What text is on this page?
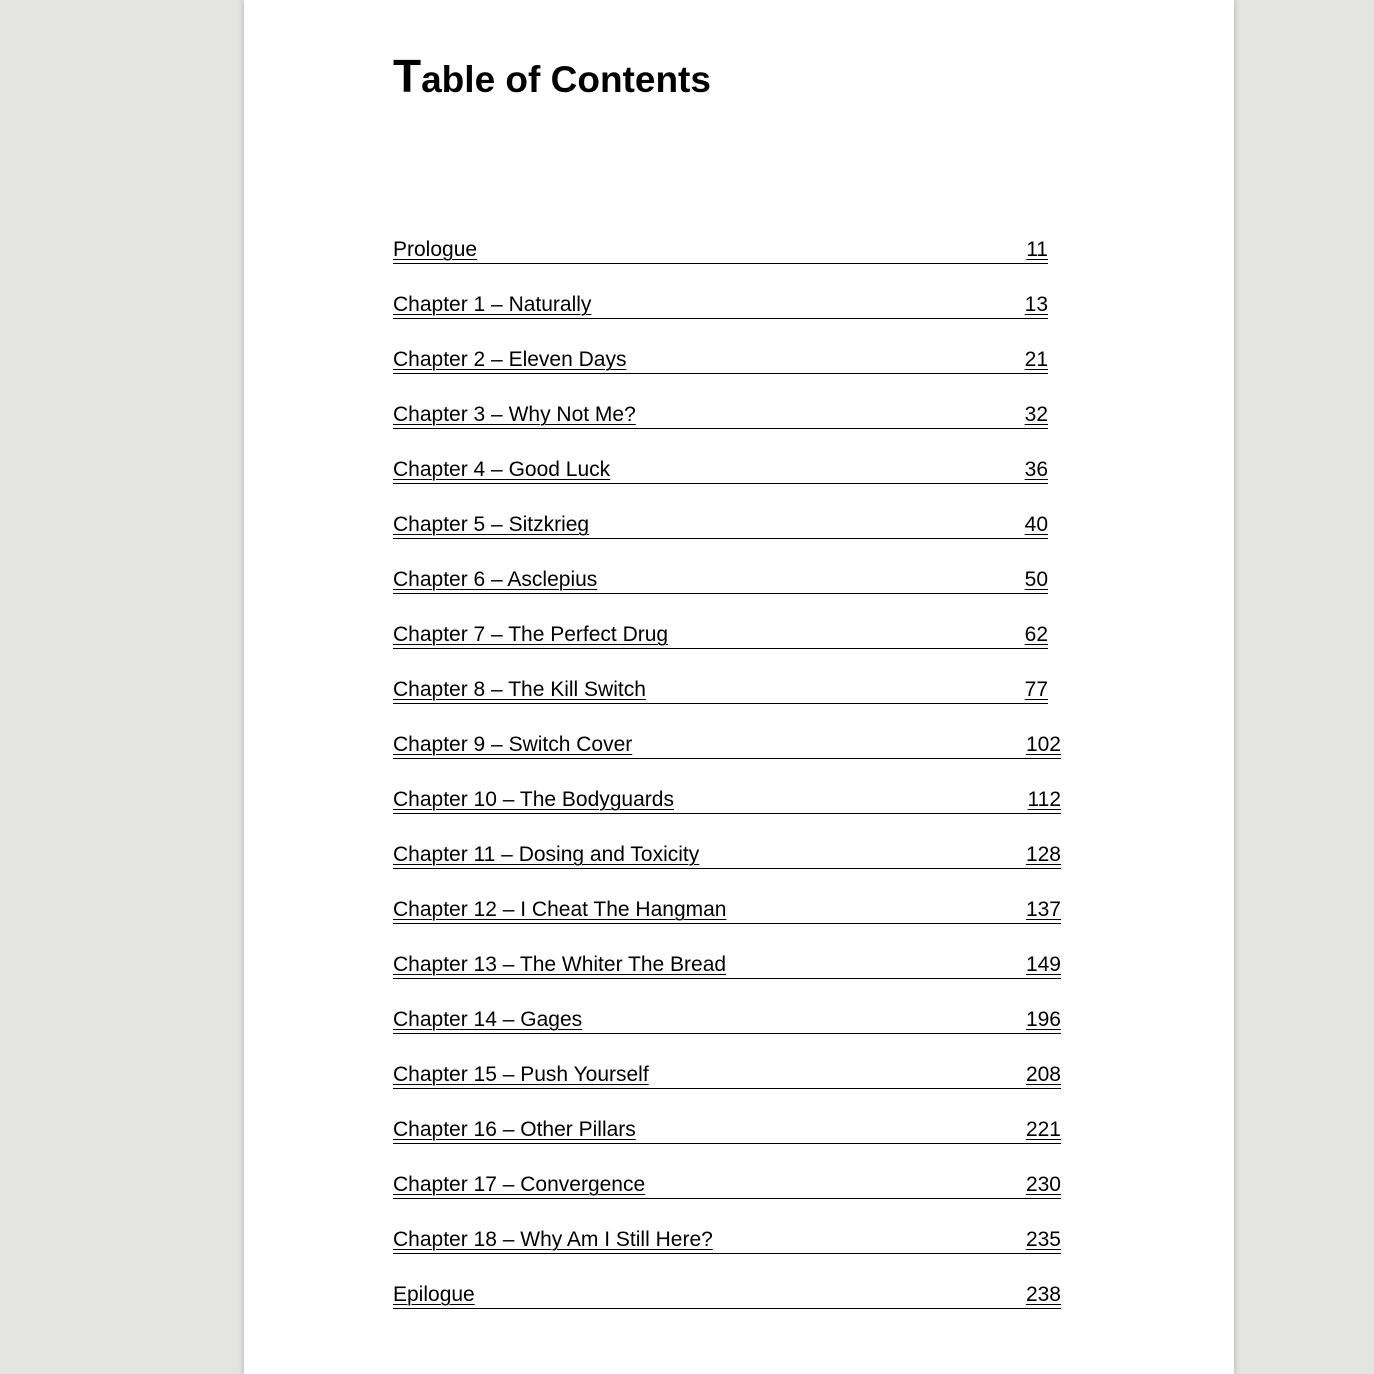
Table of Contents
Prologue	11
Chapter 1 – Naturally	13
Chapter 2 – Eleven Days	21
Chapter 3 – Why Not Me?	32
Chapter 4 – Good Luck	36
Chapter 5 – Sitzkrieg	40
Chapter 6 – Asclepius	50
Chapter 7 – The Perfect Drug	62
Chapter 8 – The Kill Switch	77
Chapter 9 – Switch Cover	102
Chapter 10 – The Bodyguards	112
Chapter 11 – Dosing and Toxicity	128
Chapter 12 – I Cheat The Hangman	137
Chapter 13 – The Whiter The Bread	149
Chapter 14 – Gages	196
Chapter 15 – Push Yourself	208
Chapter 16 – Other Pillars	221
Chapter 17 – Convergence	230
Chapter 18 – Why Am I Still Here?	235
Epilogue	238
